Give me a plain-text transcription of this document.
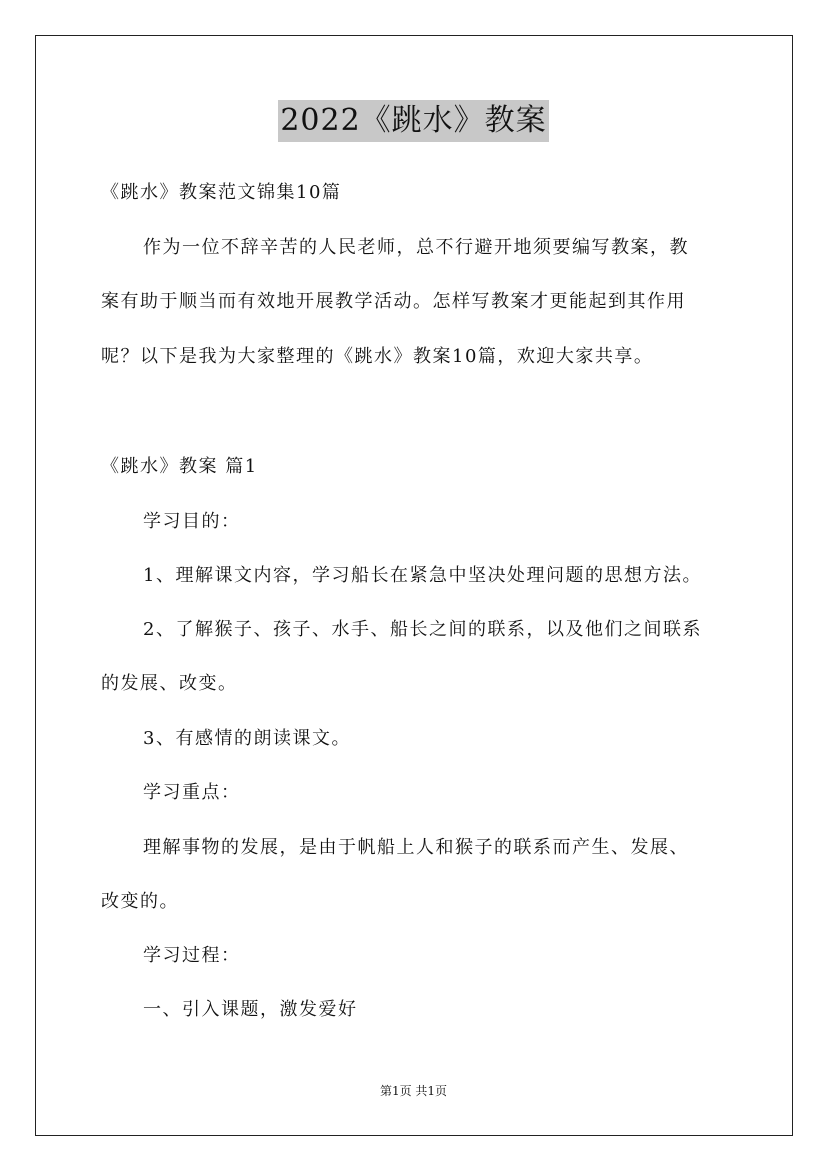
2022《跳水》教案
《跳水》教案范文锦集10篇
作为一位不辞辛苦的人民老师，总不行避开地须要编写教案，教
案有助于顺当而有效地开展教学活动。怎样写教案才更能起到其作用
呢？以下是我为大家整理的《跳水》教案10篇，欢迎大家共享。
《跳水》教案 篇1
学习目的：
1、理解课文内容，学习船长在紧急中坚决处理问题的思想方法。
2、了解猴子、孩子、水手、船长之间的联系，以及他们之间联系
的发展、改变。
3、有感情的朗读课文。
学习重点：
理解事物的发展，是由于帆船上人和猴子的联系而产生、发展、
改变的。
学习过程：
一、引入课题，激发爱好
第1页 共1页
